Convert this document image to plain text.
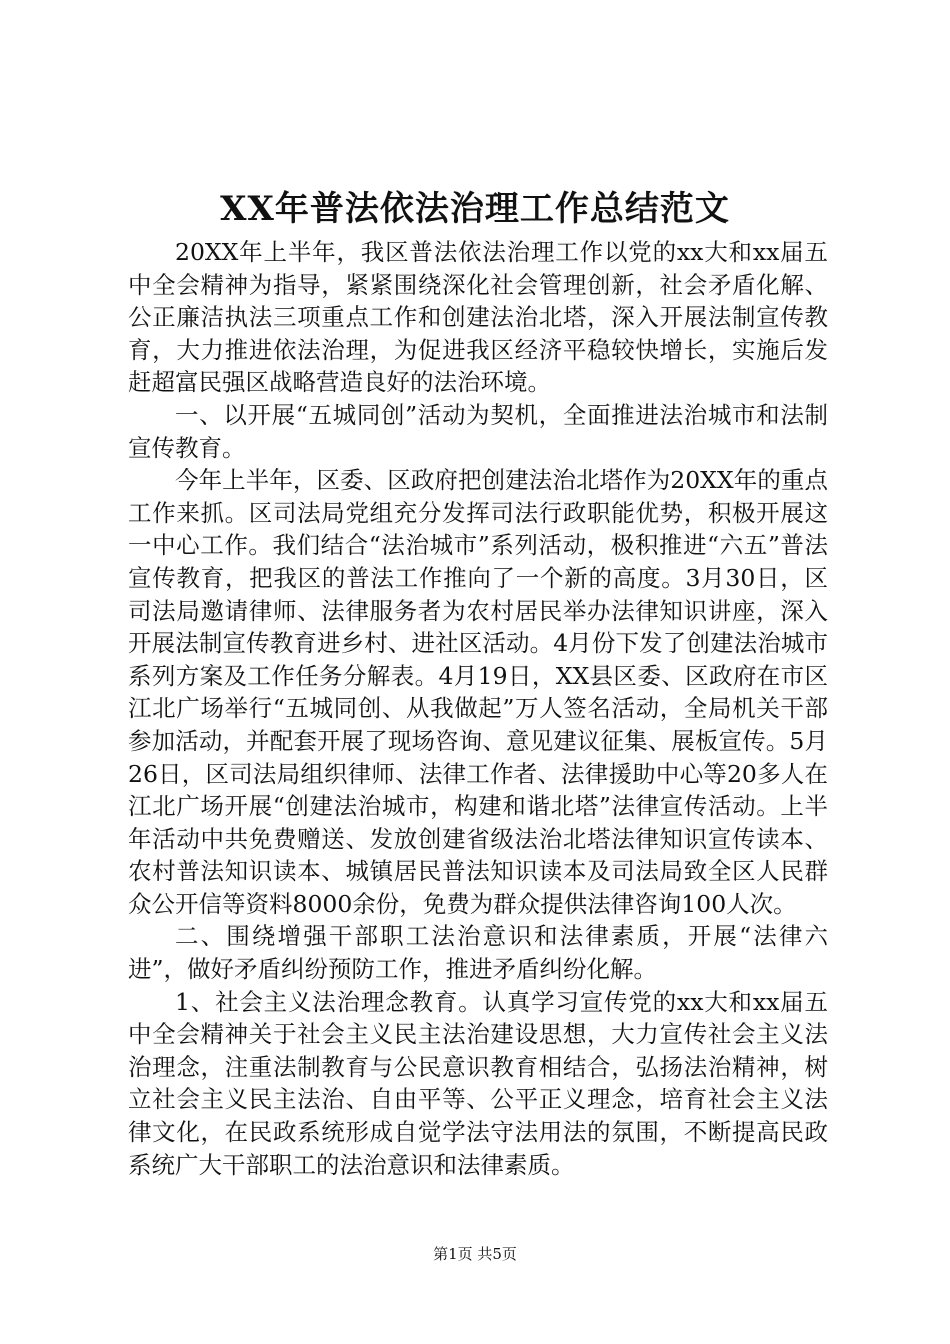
XX年普法依法治理工作总结范文

20XX年上半年，我区普法依法治理工作以党的xx大和xx届五中全会精神为指导，紧紧围绕深化社会管理创新，社会矛盾化解、公正廉洁执法三项重点工作和创建法治北塔，深入开展法制宣传教育，大力推进依法治理，为促进我区经济平稳较快增长，实施后发赶超富民强区战略营造良好的法治环境。

一、以开展“五城同创”活动为契机，全面推进法治城市和法制宣传教育。

今年上半年，区委、区政府把创建法治北塔作为20XX年的重点工作来抓。区司法局党组充分发挥司法行政职能优势，积极开展这一中心工作。我们结合“法治城市”系列活动，极积推进“六五”普法宣传教育，把我区的普法工作推向了一个新的高度。3月30日，区司法局邀请律师、法律服务者为农村居民举办法律知识讲座，深入开展法制宣传教育进乡村、进社区活动。4月份下发了创建法治城市系列方案及工作任务分解表。4月19日，XX县区委、区政府在市区江北广场举行“五城同创、从我做起”万人签名活动，全局机关干部参加活动，并配套开展了现场咨询、意见建议征集、展板宣传。5月26日，区司法局组织律师、法律工作者、法律援助中心等20多人在江北广场开展“创建法治城市，构建和谐北塔”法律宣传活动。上半年活动中共免费赠送、发放创建省级法治北塔法律知识宣传读本、农村普法知识读本、城镇居民普法知识读本及司法局致全区人民群众公开信等资料8000余份，免费为群众提供法律咨询100人次。

二、围绕增强干部职工法治意识和法律素质，开展“法律六进”，做好矛盾纠纷预防工作，推进矛盾纠纷化解。

1、社会主义法治理念教育。认真学习宣传党的xx大和xx届五中全会精神关于社会主义民主法治建设思想，大力宣传社会主义法治理念，注重法制教育与公民意识教育相结合，弘扬法治精神，树立社会主义民主法治、自由平等、公平正义理念，培育社会主义法律文化，在民政系统形成自觉学法守法用法的氛围，不断提高民政系统广大干部职工的法治意识和法律素质。

第1页 共5页
